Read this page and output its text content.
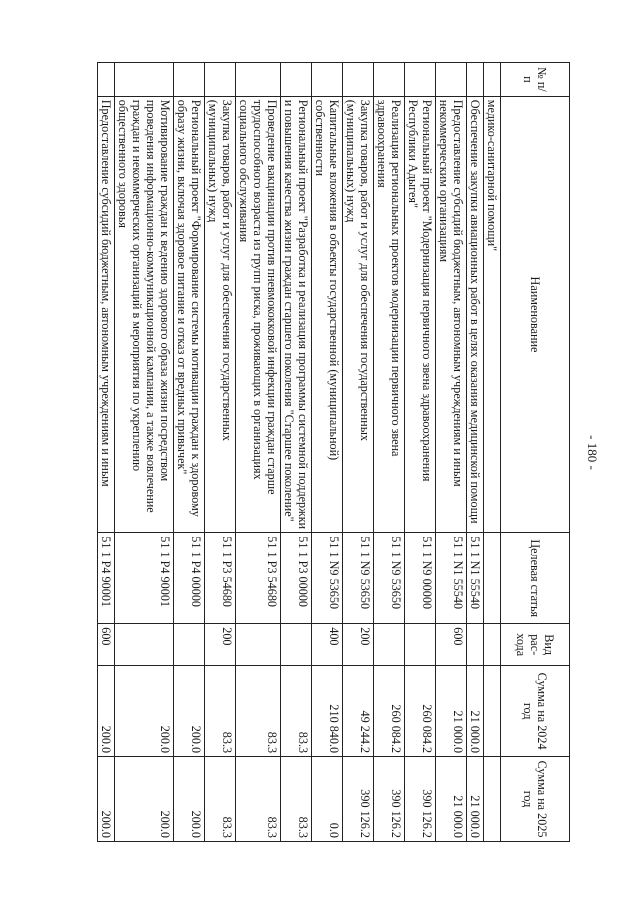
- 180 -
№ п/п	Наименование	Целевая статья	Вид
рас-
хода	Сумма на 2024 год	Сумма на 2025 год
	медико-санитарной помощи"				
	Обеспечение закупки авиационных работ в целях оказания медицинской помощи	51 1 N1 55540		21 000.0	21 000.0
	Предоставление субсидий бюджетным, автономным учреждениям и иным некоммерческим организациям	51 1 N1 55540	600	21 000.0	21 000.0
	Региональный проект "Модернизация первичного звена здравоохранения Республики Адыгея"	51 1 N9 00000		260 084.2	390 126.2
	Реализация региональных проектов модернизации первичного звена здравоохранения	51 1 N9 53650		260 084.2	390 126.2
	Закупка товаров, работ и услуг для обеспечения государственных (муниципальных) нужд	51 1 N9 53650	200	49 244.2	390 126.2
	Капитальные вложения в объекты государственной (муниципальной) собственности	51 1 N9 53650	400	210 840.0	0.0
	Региональный проект "Разработка и реализация программы системной поддержки и повышения качества жизни граждан старшего поколения "Старшее поколение"	51 1 P3 00000		83.3	83.3
	Проведение вакцинации против пневмококковой инфекции граждан старше трудоспособного возраста из групп риска, проживающих в организациях социального обслуживания	51 1 P3 54680		83.3	83.3
	Закупка товаров, работ и услуг для обеспечения государственных (муниципальных) нужд	51 1 P3 54680	200	83.3	83.3
	Региональный проект "Формирование системы мотивации граждан к здоровому образу жизни, включая здоровое питание и отказ от вредных привычек"	51 1 P4 00000		200.0	200.0
	Мотивирование граждан к ведению здорового образа жизни посредством проведения информационно-коммуникационной кампании, а также вовлечение граждан и некоммерческих организаций в мероприятия по укреплению общественного здоровья	51 1 P4 90001		200.0	200.0
	Предоставление субсидий бюджетным, автономным учреждениям и иным	51 1 P4 90001	600	200.0	200.0
